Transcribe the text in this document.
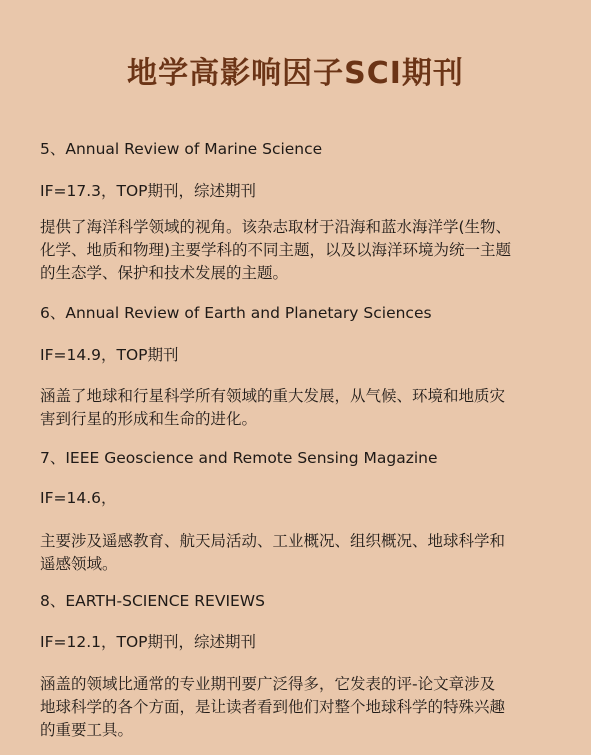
地学高影响因子SCI期刊
5、Annual Review of Marine Science
IF=17.3，TOP期刊，综述期刊
提供了海洋科学领域的视角。该杂志取材于沿海和蓝水海洋学(生物、
化学、地质和物理)主要学科的不同主题，以及以海洋环境为统一主题
的生态学、保护和技术发展的主题。
6、Annual Review of Earth and Planetary Sciences
IF=14.9，TOP期刊
涵盖了地球和行星科学所有领域的重大发展，从气候、环境和地质灾
害到行星的形成和生命的进化。
7、IEEE Geoscience and Remote Sensing Magazine
IF=14.6，
主要涉及遥感教育、航天局活动、工业概况、组织概况、地球科学和
遥感领域。
8、EARTH-SCIENCE REVIEWS
IF=12.1，TOP期刊，综述期刊
涵盖的领域比通常的专业期刊要广泛得多，它发表的评-论文章涉及
地球科学的各个方面，是让读者看到他们对整个地球科学的特殊兴趣
的重要工具。
